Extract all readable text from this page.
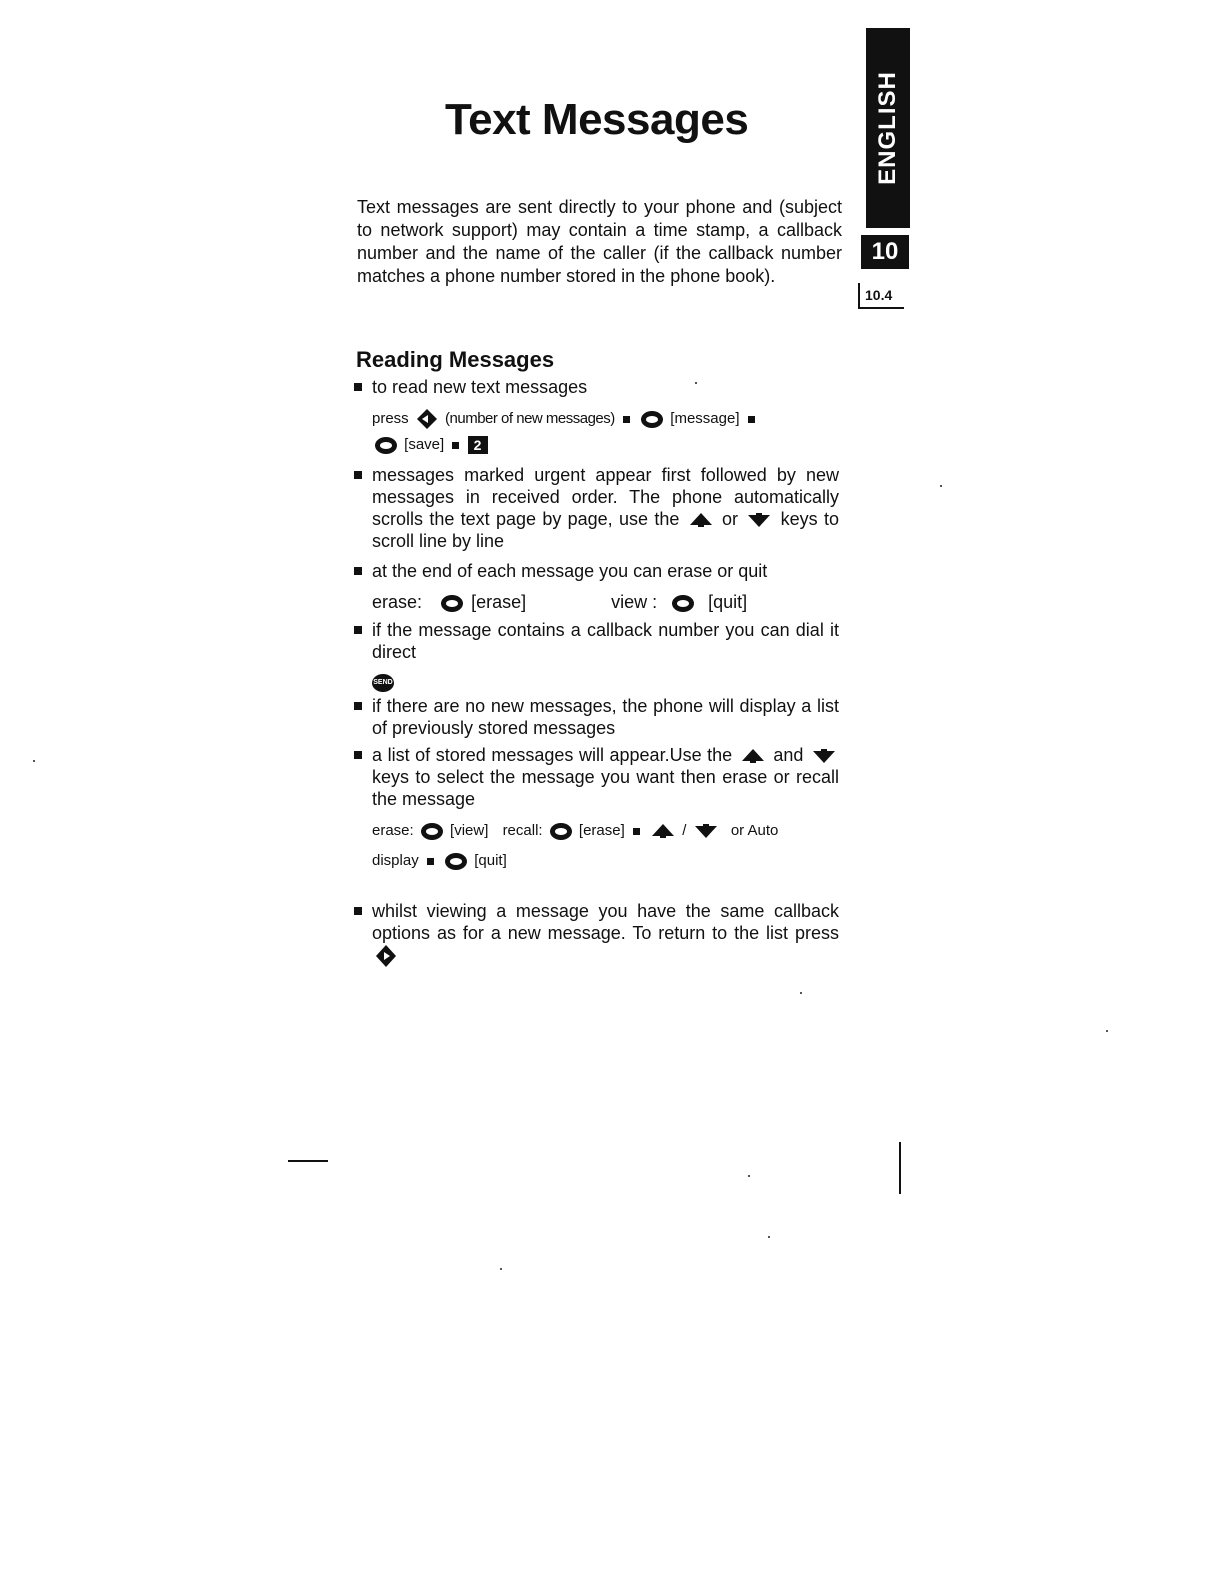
Text Messages	ENGLISH
10
10.4

Text messages are sent directly to your phone and (subject to network support) may contain a time stamp, a callback number and the name of the caller (if the callback number matches a phone number stored in the phone book).

Reading Messages
to read new text messages
press (number of new messages)	[message]
[save] 2
messages marked urgent appear first followed by new messages in received order. The phone automatically scrolls the text page by page, use the or keys to scroll line by line
at the end of each message you can erase or quit
erase:	[erase]	view :	[quit]
if the message contains a callback number you can dial it direct
SEND
if there are no new messages, the phone will display a list of previously stored messages
a list of stored messages will appear.Use the and  keys to select the message you want then erase or recall the message
erase: [view] recall: [erase]	/	or Auto
display	[quit]
whilst viewing a message you have the same callback options as for a new message. To return to the list press
